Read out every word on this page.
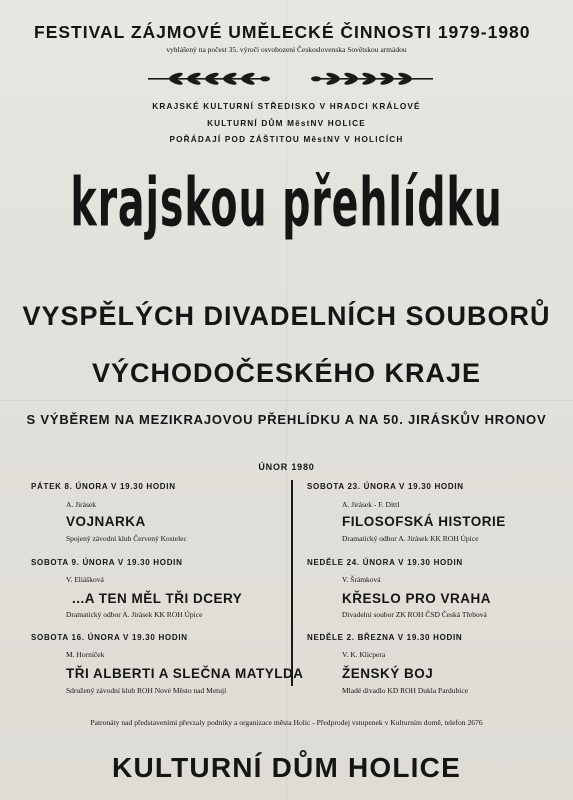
FESTIVAL ZÁJMOVÉ UMĚLECKÉ ČINNOSTI 1979-1980
vyhlášený na počest 35. výročí osvobození Československa Sovětskou armádou
KRAJSKÉ KULTURNÍ STŘEDISKO V HRADCI KRÁLOVÉ
KULTURNÍ DŮM MěstNV HOLICE
POŘÁDAJÍ POD ZÁŠTITOU MěstNV V HOLICÍCH
krajskou přehlídku
VYSPĚLÝCH DIVADELNÍCH SOUBORŮ
VÝCHODOČESKÉHO KRAJE
S VÝBĚREM NA MEZIKRAJOVOU PŘEHLÍDKU A NA 50. JIRÁSKŮV HRONOV
ÚNOR 1980
PÁTEK 8. ÚNORA V 19.30 HODIN
A. Jirásek
VOJNARKA
Spojený závodní klub Červený Kostelec
SOBOTA 9. ÚNORA V 19.30 HODIN
V. Eliášková
...A TEN MĚL TŘI DCERY
Dramatický odbor A. Jirásek KK ROH Úpice
SOBOTA 16. ÚNORA V 19.30 HODIN
M. Horníček
TŘI ALBERTI A SLEČNA MATYLDA
Sdružený závodní klub ROH Nové Město nad Metují
SOBOTA 23. ÚNORA V 19.30 HODIN
A. Jirásek - F. Dittl
FILOSOFSKÁ HISTORIE
Dramatický odbor A. Jirásek KK ROH Úpice
NEDĚLE 24. ÚNORA V 19.30 HODIN
V. Šrámková
KŘESLO PRO VRAHA
Divadelní soubor ZK ROH ČSD Česká Třebová
NEDĚLE 2. BŘEZNA V 19.30 HODIN
V. K. Klicpera
ŽENSKÝ BOJ
Mladé divadlo KD ROH Dukla Pardubice
Patronáty nad představeními převzaly podniky a organizace města Holic - Předprodej vstupenek v Kulturním domě, telefon 2676
KULTURNÍ DŮM HOLICE
